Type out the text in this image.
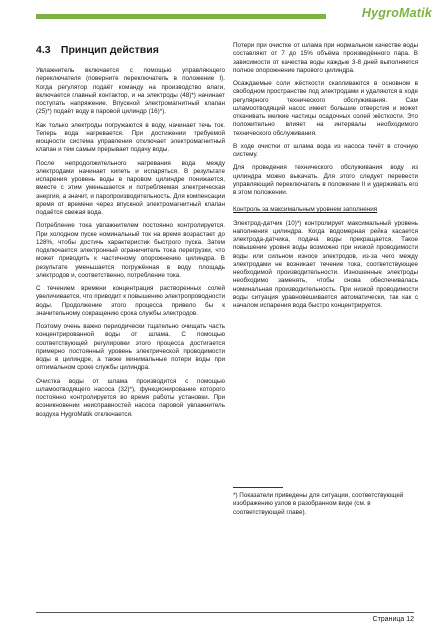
HygroMatik
4.3 Принцип действия

Увлажнитель включается с помощью управляющего переключателя (поверните переключатель в положение I). Когда регулятор подаёт команду на производство влаги, включается главный контактор, и на электроды (48)*) начинает поступать напряжение. Впускной электромагнитный клапан (25)*) подаёт воду в паровой цилиндр (16)*).

Как только электроды погружаются в воду, начинает течь ток. Теперь вода нагревается. При достижении требуемой мощности система управления отключает электромагнитный клапан и тем самым прерывает подачу воды.

После непродолжительного нагревания вода между электродами начинает кипеть и испаряться. В результате испарения уровень воды в паровом цилиндре понижается, вместе с этим уменьшается и потребляемая электрическая энергия, а значит, и паропроизводительность. Для компенсации время от времени через впускной электромагнитный клапан подаётся свежая вода.

Потребление тока увлажнителем постоянно контролируется. При холодном пуске номинальный ток на время возрастает до 128%, чтобы достичь характеристик быстрого пуска. Затем подключается электронный ограничитель тока перегрузки, что может приводить к частичному опорожнению цилиндра. В результате уменьшается погружённая в воду площадь электродов и, соответственно, потребление тока.

С течением времени концентрация растворенных солей увеличивается, что приводит к повышению электропроводности воды. Продолжение этого процесса привело бы к значительному сокращению срока службы электродов.

Поэтому очень важно периодически тщательно очищать часть концентрированной воды от шлама. С помощью соответствующей регулировки этого процесса достигается примерно постоянный уровень электрической проводимости воды в цилиндре, а также минимальные потери воды при оптимальном сроке службы цилиндра.

Очистка воды от шлама производится с помощью шламоотводящего насоса (32)*), функционирование которого постоянно контролируется во время работы установки. При возникновении неисправностей насоса паровой увлажнитель воздуха HygroMatik отключается.

Потери при очистке от шлама при нормальном качестве воды составляют от 7 до 15% объёма произведённого пара. В зависимости от качества воды каждые 3-8 дней выполняется полное опорожнение парового цилиндра.

Осаждаемые соли жёсткости скапливаются в основном в свободном пространстве под электродами и удаляются в ходе регулярного технического обслуживания. Сам шламоотводящий насос имеет большие отверстия и может откачивать мелкие частицы осадочных солей жёсткости. Это положительно влияет на интервалы необходимого технического обслуживания.

В ходе очистки от шлама вода из насоса течёт в сточную систему.

Для проведения технического обслуживания воду из цилиндра можно выкачать. Для этого следует перевести управляющий переключатель в положение II и удерживать его в этом положении.

Контроль за максимальным уровнем заполнения

Электрод-датчик (10)*) контролирует максимальный уровень наполнения цилиндра. Когда водомерная рейка касается электрода-датчика, подача воды прекращается. Такое повышение уровня воды возможно при низкой проводимости воды или сильном износе электродов, из-за чего между электродами не возникает течение тока, соответствующее необходимой производительности. Изношенные электроды необходимо заменять, чтобы снова обеспечивалась номинальная производительность. При низкой проводимости воды ситуация уравновешивается автоматически, так как с началом испарения вода быстро концентрируется.

*) Показатели приведены для ситуации, соответствующей изображению узлов в разобранном виде (см. в соответствующей главе).

Страница 12
